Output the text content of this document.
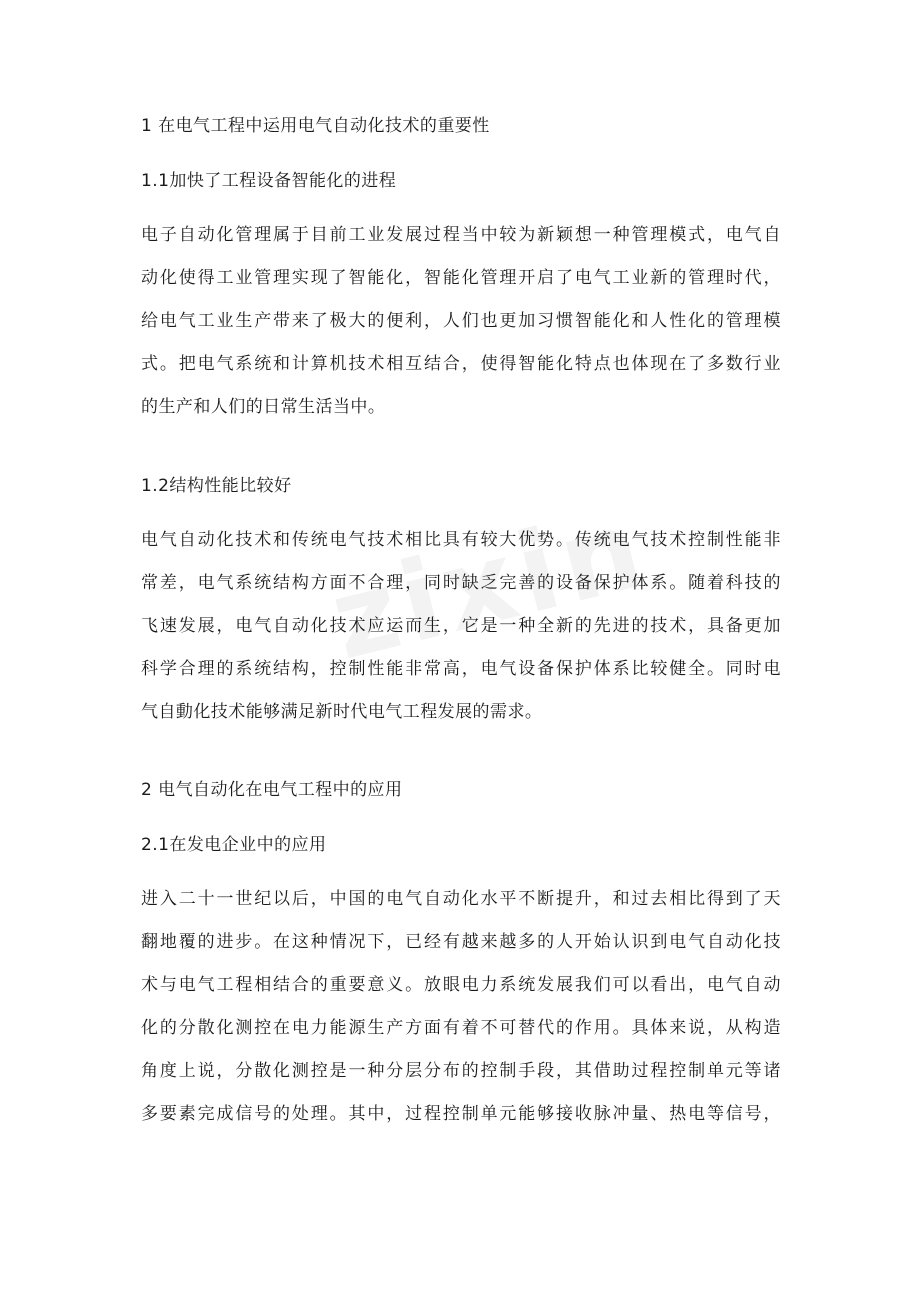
1 在电气工程中运用电气自动化技术的重要性
1.1加快了工程设备智能化的进程
电子自动化管理属于目前工业发展过程当中较为新颖想一种管理模式，电气自
动化使得工业管理实现了智能化，智能化管理开启了电气工业新的管理时代，
给电气工业生产带来了极大的便利，人们也更加习惯智能化和人性化的管理模
式。把电气系统和计算机技术相互结合，使得智能化特点也体现在了多数行业
的生产和人们的日常生活当中。
1.2结构性能比较好
电气自动化技术和传统电气技术相比具有较大优势。传统电气技术控制性能非
常差，电气系统结构方面不合理，同时缺乏完善的设备保护体系。随着科技的
飞速发展，电气自动化技术应运而生，它是一种全新的先进的技术，具备更加
科学合理的系统结构，控制性能非常高，电气设备保护体系比较健全。同时电
气自動化技术能够满足新时代电气工程发展的需求。
2 电气自动化在电气工程中的应用
2.1在发电企业中的应用
进入二十一世纪以后，中国的电气自动化水平不断提升，和过去相比得到了天
翻地覆的进步。在这种情况下，已经有越来越多的人开始认识到电气自动化技
术与电气工程相结合的重要意义。放眼电力系统发展我们可以看出，电气自动
化的分散化测控在电力能源生产方面有着不可替代的作用。具体来说，从构造
角度上说，分散化测控是一种分层分布的控制手段，其借助过程控制单元等诸
多要素完成信号的处理。其中，过程控制单元能够接收脉冲量、热电等信号，
